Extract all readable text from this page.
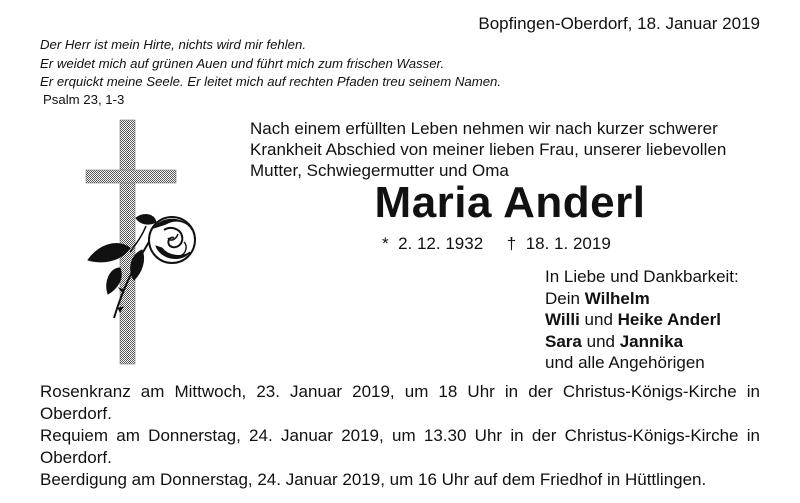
Bopfingen-Oberdorf, 18. Januar 2019
Der Herr ist mein Hirte, nichts wird mir fehlen.
Er weidet mich auf grünen Auen und führt mich zum frischen Wasser.
Er erquickt meine Seele. Er leitet mich auf rechten Pfaden treu seinem Namen.
Psalm 23, 1-3
Nach einem erfüllten Leben nehmen wir nach kurzer schwerer
Krankheit Abschied von meiner lieben Frau, unserer liebevollen
Mutter, Schwiegermutter und Oma
Maria Anderl
* 2. 12. 1932 † 18. 1. 2019
In Liebe und Dankbarkeit:
Dein Wilhelm
Willi und Heike Anderl
Sara und Jannika
und alle Angehörigen
Rosenkranz am Mittwoch, 23. Januar 2019, um 18 Uhr in der Christus-Königs-Kirche in Oberdorf.
Requiem am Donnerstag, 24. Januar 2019, um 13.30 Uhr in der Christus-Königs-Kirche in Oberdorf.
Beerdigung am Donnerstag, 24. Januar 2019, um 16 Uhr auf dem Friedhof in Hüttlingen.
